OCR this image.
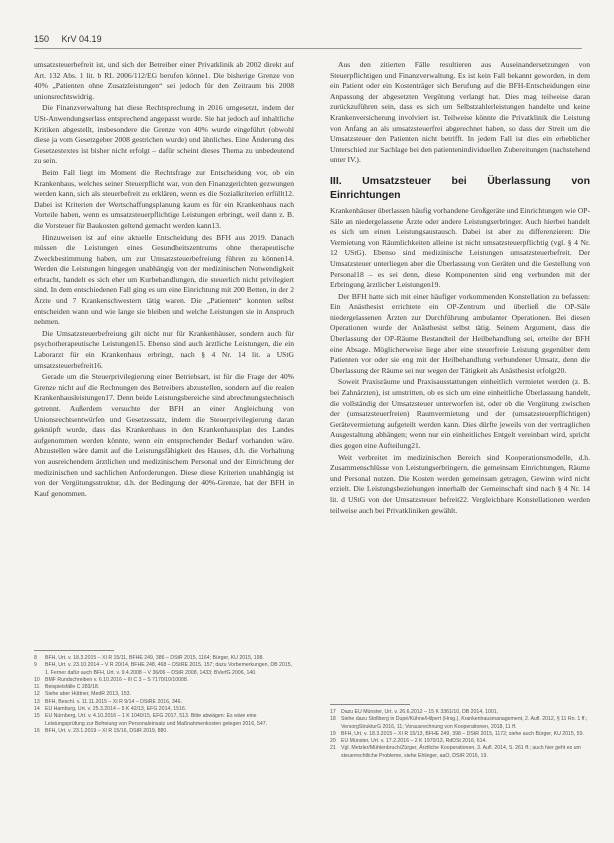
150 KrV 04.19

umsatzsteuerbefreit ist, und sich der Betreiber einer Privatklinik ab 2002 direkt auf Art. 132 Abs. 1 lit. b RL 2006/112/EG berufen könne1. Die bisherige Grenze von 40% „Patienten ohne Zusatzleistungen“ sei jedoch für den Zeitraum bis 2008 unionsrechtswidrig.

Die Finanzverwaltung hat diese Rechtsprechung in 2016 umgesetzt, indem der USt-Anwendungserlass entsprechend angepasst wurde. Sie hat jedoch auf inhaltliche Kritiken abgestellt, insbesondere die Grenze von 40% wurde eingeführt (obwohl diese ja vom Gesetzgeber 2008 gestrichen wurde) und ähnliches. Eine Änderung des Gesetzestextes ist bisher nicht erfolgt – dafür scheint dieses Thema zu unbedeutend zu sein.

Beim Fall liegt im Moment die Rechtsfrage zur Entscheidung vor, ob ein Krankenhaus, welches seiner Steuerpflicht war, von den Finanzgerichten gezwungen werden kann, sich als steuerbefreit zu erklären, wenn es die Sozialkriterien erfüllt12. Dabei ist Kriterien der Wertschaffungsplanung kaum es für ein Krankenhaus nach Vorteile haben, wenn es umsatzsteuerpflichtige Leistungen erbringt, weil dann z. B. die Vorsteuer für Baukosten geltend gemacht werden kann13.

Hinzuweisen ist auf eine aktuelle Entscheidung des BFH aus 2019. Danach müssen die Leistungen eines Gesundheitszentrums ohne therapeutische Zweckbestimmung haben, um zur Umsatzsteuerbefreiung führen zu können14. Werden die Leistungen hingegen unabhängig von der medizinischen Notwendigkeit erbracht, handelt es sich eher um Kurbehandlungen, die steuerlich nicht privilegiert sind. In dem entschiedenen Fall ging es um eine Einrichtung mit 200 Betten, in der 2 Ärzte und 7 Krankenschwestern tätig waren. Die „Patienten“ konnten selbst entscheiden wann und wie lange sie bleiben und welche Leistungen sie in Anspruch nehmen.

Die Umsatzsteuerbefreiung gilt nicht nur für Krankenhäuser, sondern auch für psychotherapeutische Leistungen15. Ebenso sind auch ärztliche Leistungen, die ein Laborarzt für ein Krankenhaus erbringt, nach § 4 Nr. 14 lit. a UStG umsatzsteuerbefreit16.

Gerade um die Steuerprivilegierung einer Betriebsart, ist für die Frage der 40% Grenze nicht auf die Rechnungen des Betreibers abzustellen, sondern auf die realen Krankenhausleistungen17. Denn beide Leistungsbereiche sind abrechnungstechnisch getrennt. Außerdem versuchte der BFH an einer Angleichung von Unionsrechtsentwürfen und Gesetzessatz, indem die Steuerprivilegierung daran geknüpft wurde, dass das Krankenhaus in den Krankenhausplan des Landes aufgenommen werden könnte, wenn ein entsprechender Bedarf vorhanden wäre. Abzustellen wäre damit auf die Leistungsfähigkeit des Hauses, d.h. die Vorhaltung von ausreichendem ärztlichen und medizinischem Personal und der Einrichtung der medizinischen und sachlichen Anforderungen. Diese diese Kriterien unabhängig ist von der Vergütungsstruktur, d.h. der Bedingung der 40%-Grenze, hat der BFH in Kauf genommen.

Aus den zitierten Fälle resultieren aus Auseinandersetzungen von Steuerpflichtigen und Finanzverwaltung. Es ist kein Fall bekannt geworden, in dem ein Patient oder ein Kostenträger sich Berufung auf die BFH-Entscheidungen eine Anpassung der abgesetzten Vergütung verlangt hat. Dies mag teilweise daran zurückzuführen sein, dass es sich um Selbstzahlerleistungen handelte und keine Krankenversicherung involviert ist. Teilweise könnte die Privatklinik die Leistung von Anfang an als umsatzsteuerfrei abgerechnet haben, so dass der Streit um die Umsatzsteuer den Patienten nicht betrifft. In jedem Fall ist dies ein erheblicher Unterschied zur Sachlage bei den patientenindividuellen Zubereitungen (nachstehend unter IV.).

III. Umsatzsteuer bei Überlassung von Einrichtungen

Krankenhäuser überlassen häufig vorhandene Großgeräte und Einrichtungen wie OP-Säle an niedergelassene Ärzte oder andere Leistungserbringer. Auch hierbei handelt es sich um einen Leistungsaustausch. Dabei ist aber zu differenzieren: Die Vermietung von Räumlichkeiten alleine ist nicht umsatzsteuerpflichtig (vgl. § 4 Nr. 12 UStG). Ebenso sind medizinische Leistungen umsatzsteuerbefreit. Der Umsatzsteuer unterliegen aber die Überlassung von Geräten und die Gestellung von Personal18 – es sei denn, diese Komponenten sind eng verbunden mit der Erbringung ärztlicher Leistungen19.

Der BFH hatte sich mit einer häufiger vorkommenden Konstellation zu befassen: Ein Anästhesist errichtete ein OP-Zentrum und überließ die OP-Säle niedergelassenen Ärzten zur Durchführung ambulanter Operationen. Bei diesen Operationen wurde der Anästhesist selbst tätig. Seinem Argument, dass die Überlassung der OP-Räume Bestandteil der Heilbehandlung sei, erteilte der BFH eine Absage. Möglicherweise liege aber eine steuerfreie Leistung gegenüber dem Patienten vor oder sie eng mit der Heilbehandlung verbundener Umsatz, denn die Überlassung der Räume sei nur wegen der Tätigkeit als Anästhesist erfolgt20.

Soweit Praxisräume und Praxisausstattungen einheitlich vermietet werden (z. B. bei Zahnärzten), ist umstritten, ob es sich um eine einheitliche Überlassung handelt, die vollständig der Umsatzsteuer unterworfen ist, oder ob die Vergütung zwischen der (umsatzsteuerfreien) Raumvermietung und der (umsatzsteuerpflichtigen) Gerätevermietung aufgeteilt werden kann. Dies dürfte jeweils von der vertraglichen Ausgestaltung abhängen; wenn nur ein einheitliches Entgelt vereinbart wird, spricht dies gegen eine Aufteilung21.

Weit verbreitet im medizinischen Bereich sind Kooperationsmodelle, d.h. Zusammenschlüsse von Leistungserbringern, die gemeinsam Einrichtungen, Räume und Personal nutzen. Die Kosten werden gemeinsam getragen, Gewinn wird nicht erzielt. Die Leistungsbeziehungen innerhalb der Gemeinschaft sind nach § 4 Nr. 14 lit. d UStG von der Umsatzsteuer befreit22. Vergleichbare Konstellationen werden teilweise auch bei Privatkliniken gewählt.

8	BFH, Urt. v. 18.3.2015 – XI R 15/11, BFHE 249, 386 – DStR 2015, 1164; Bürger, KU 2015, 198.
9	BFH, Urt. v. 23.10.2014 – V R 20/14, BFHE 248, 468 – DStRE 2015, 157; dazu Vorbemerkungen, DB 2015, 1. Ferner dafür auch BFH, Urt. v. 9.4.2008 – V 36/06 – DStR 2008, 1433; BVerfG 2006, 140.
10	BMF Rundschreiben v. 6.10.2016 – III C 3 – S 7170/10/10008.
11	Beispielsfälle C 283/18.
12	Siehe aber Hüttner, MedR 2013, 153.
13	BFH, Beschl. v. 11.11.2015 – XI R 9/14 – DStRE 2016, 346.
14	EU Hamburg, Urt. v. 25.3.2014 – 5 K 42/13, EFG 2014, 1516.
15	EU Nürnberg, Urt. v. 4.10.2016 – 1 K 1040/15, EFG 2017, 513. Bitte abwägen: Es wäre eine Leistungsprüfung zur Befreiung von Personaleinsatz und Maßnahmenkosten gelegen 2016, 547.
16	BFH, Urt. v. 23.1.2019 – XI R 15/16, DStR 2019, 880.
17	Dazu EU Münster, Urt. v. 26.6.2012 – 15 K 3361/10, DB 2014, 1001.
18	Siehe dazu Stollberg in Dupé/Kühne/Hilpert (Hrsg.), Krankenhausmanagement, 2. Aufl. 2012, § 11 Rn. 1 ff.; VersorgStrukturG 2016, 11; Vorausrechnung von Kooperationen, 2018, 11 ff.
19	BFH, Urt. v. 18.3.2015 – XI R 15/13, BFHE 249, 398 – DStR 2015, 1172; siehe auch Bürger, KU 2015, 59.
20	EU Münster, Urt. v. 17.2.2016 – 2 K 1970/13, RdDSt 2016, 614.
21	Vgl. Metzler/Mühlenbruch/Zürger, Ärztliche Kooperationen, 3. Aufl. 2014, S. 261 ff.; auch hier geht es um steuerrechtliche Probleme, siehe Ehlinger, aaO, DStR 2016, 19.
